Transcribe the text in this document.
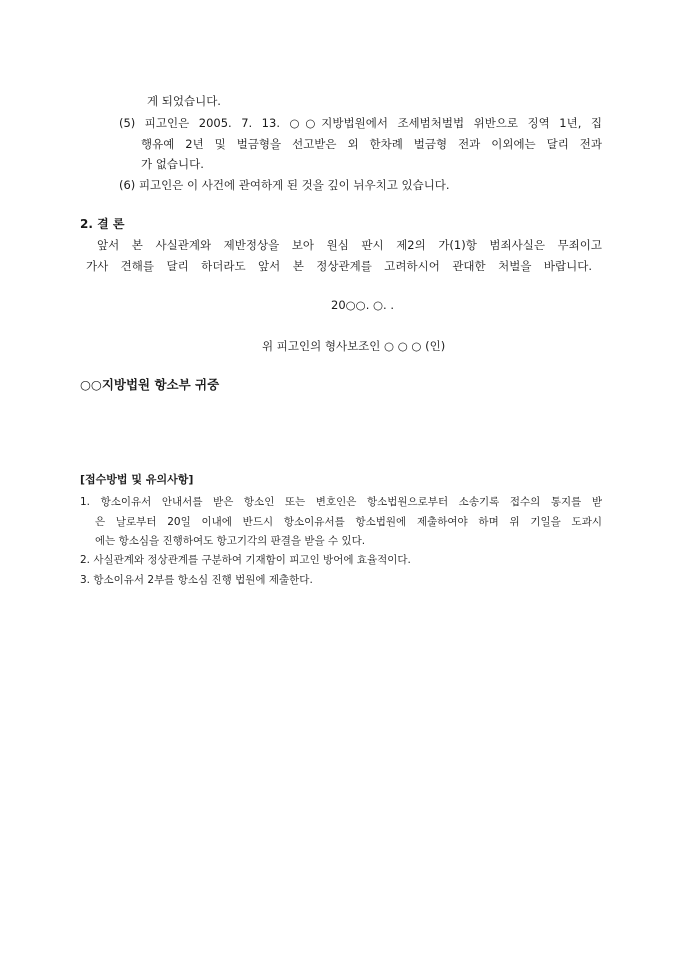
게 되었습니다.
(5) 피고인은 2005. 7. 13. ○○지방법원에서 조세범처벌법 위반으로 징역 1년, 집
행유예 2년 및 벌금형을 선고받은 외 한차례 벌금형 전과 이외에는 달리 전과
가 없습니다.
(6) 피고인은 이 사건에 관여하게 된 것을 깊이 뉘우치고 있습니다.
2. 결 론
앞서 본 사실관계와 제반정상을 보아 원심 판시 제2의 가(1)항 범죄사실은 무죄이고
가사 견해를 달리 하더라도 앞서 본 정상관계를 고려하시어 관대한 처벌을 바랍니다.
20○○. ○. .
위 피고인의 형사보조인 ○ ○ ○ (인)
○○지방법원 항소부 귀중
[접수방법 및 유의사항]
1. 항소이유서 안내서를 받은 항소인 또는 변호인은 항소법원으로부터 소송기록 접수의 통지를 받
은 날로부터 20일 이내에 반드시 항소이유서를 항소법원에 제출하여야 하며 위 기일을 도과시
에는 항소심을 진행하여도 항고기각의 판결을 받을 수 있다.
2. 사실관계와 정상관계를 구분하여 기재함이 피고인 방어에 효율적이다.
3. 항소이유서 2부를 항소심 진행 법원에 제출한다.
